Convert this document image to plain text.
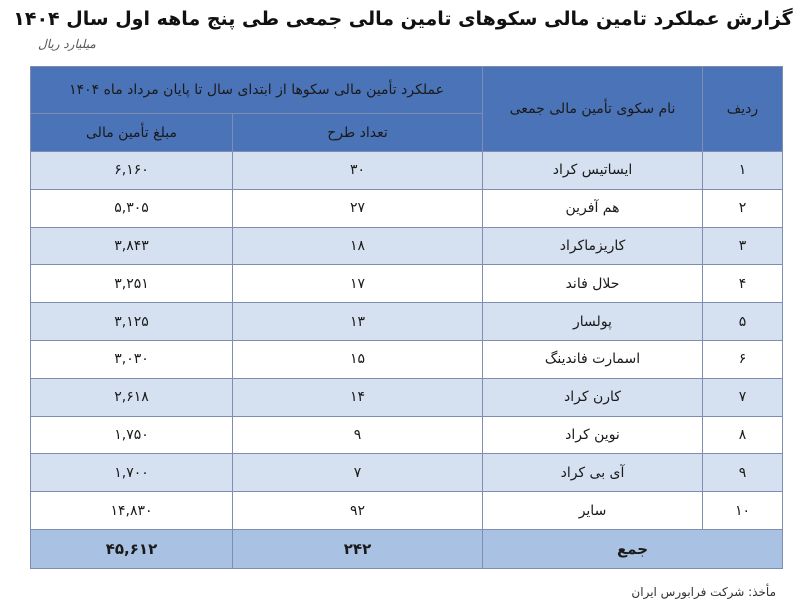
گزارش عملکرد تامین مالی سکوهای تامین مالی جمعی طی پنج ماهه اول سال ۱۴۰۴
میلیارد ریال
ردیف	نام سکوی تأمین مالی جمعی	عملکرد تأمین مالی سکوها از ابتدای سال تا پایان مرداد ماه ۱۴۰۴	
		تعداد طرح	مبلغ تأمین مالی
۱	ایساتیس کراد	۳۰	۶,۱۶۰
۲	هم آفرین	۲۷	۵,۳۰۵
۳	کاریزماکراد	۱۸	۳,۸۴۳
۴	حلال فاند	۱۷	۳,۲۵۱
۵	پولسار	۱۳	۳,۱۲۵
۶	اسمارت فاندینگ	۱۵	۳,۰۳۰
۷	کارن کراد	۱۴	۲,۶۱۸
۸	نوین کراد	۹	۱,۷۵۰
۹	آی بی کراد	۷	۱,۷۰۰
۱۰	سایر	۹۲	۱۴,۸۳۰
جمع		۲۴۲	۴۵,۶۱۲
مأخذ: شرکت فرابورس ایران
